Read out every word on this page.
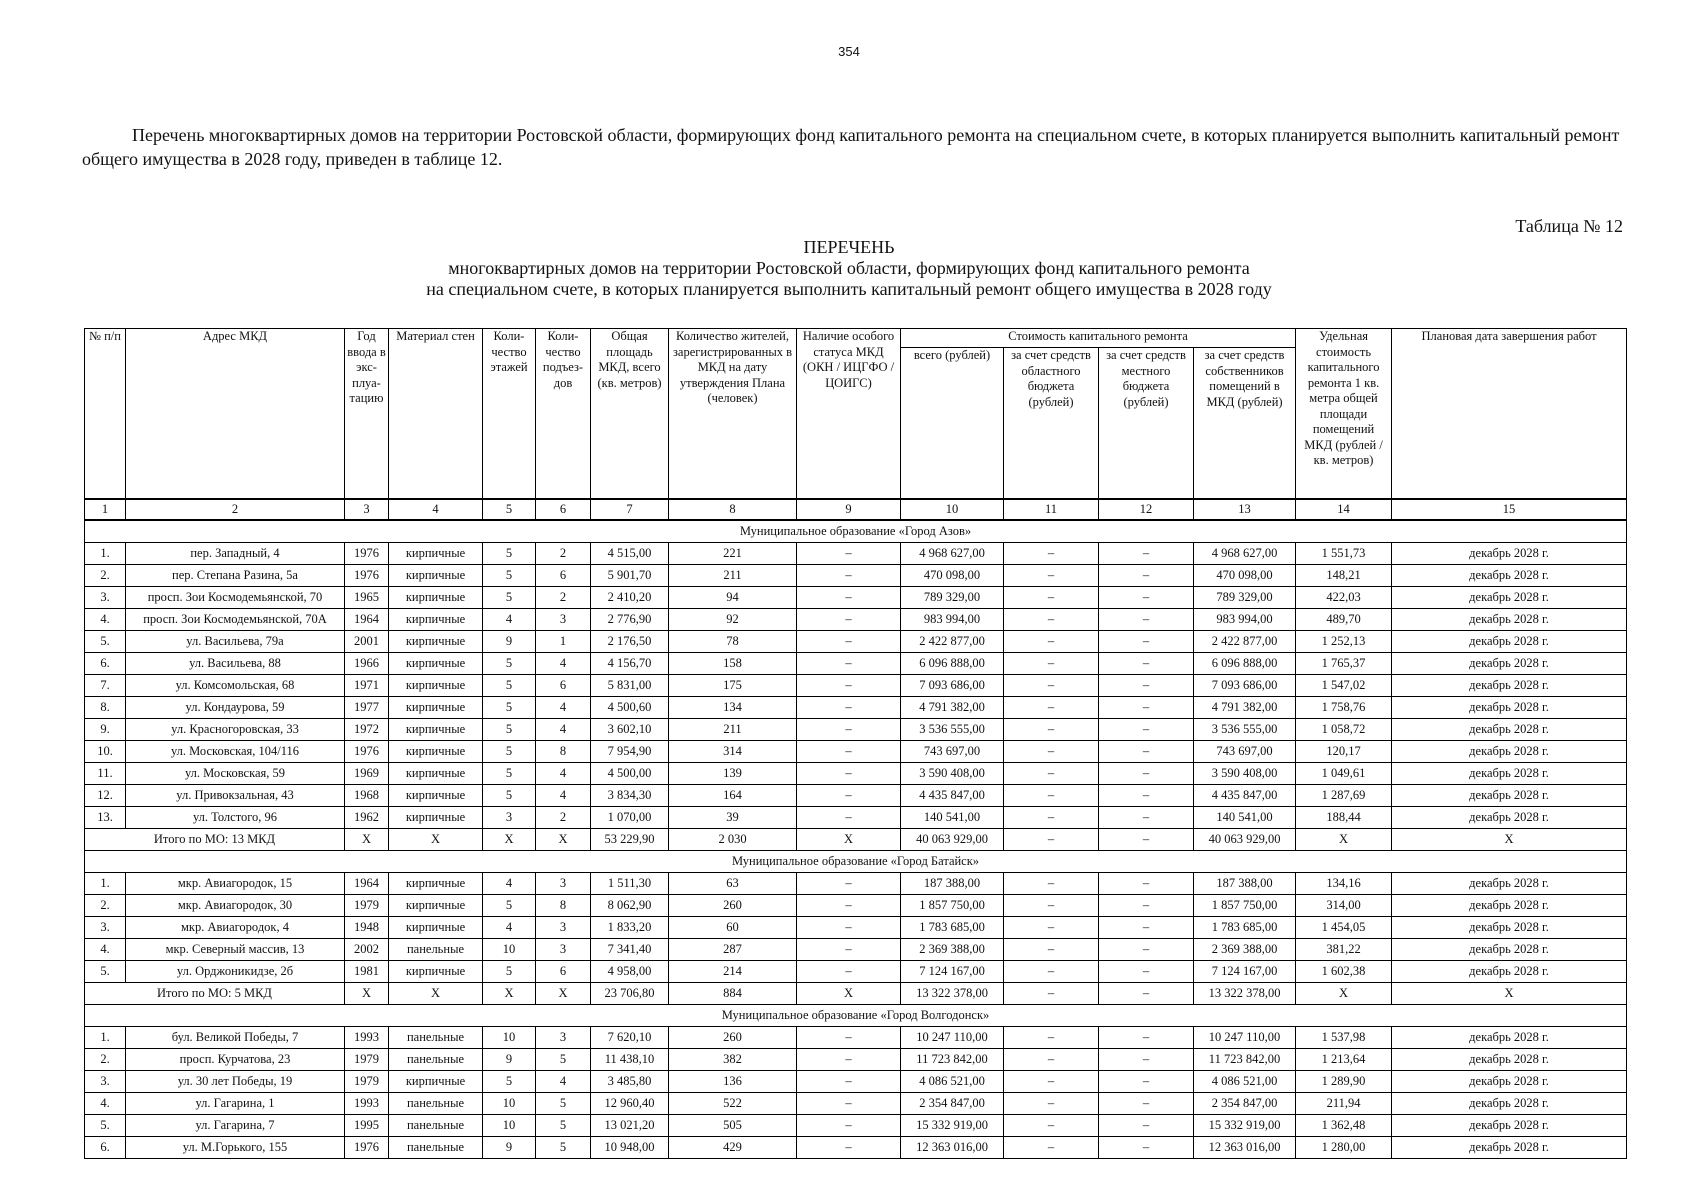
354

Перечень многоквартирных домов на территории Ростовской области, формирующих фонд капитального ремонта на специальном счете, в которых планируется выполнить капитальный ремонт общего имущества в 2028 году, приведен в таблице 12.

Таблица № 12

ПЕРЕЧЕНЬ
многоквартирных домов на территории Ростовской области, формирующих фонд капитального ремонта
на специальном счете, в которых планируется выполнить капитальный ремонт общего имущества в 2028 году
№ п/п	Адрес МКД	Год ввода в экс-плуа-тацию	Материал стен	Коли-чество этажей	Коли-чество подъез-дов	Общая площадь МКД, всего (кв. метров)	Количество жителей, зарегистрированных в МКД на дату утверждения Плана (человек)	Наличие особого статуса МКД (ОКН / ИЦГФО / ЦОИГС)	Стоимость капитального ремонта				Удельная стоимость капитального ремонта 1 кв. метра общей площади помещений МКД (рублей / кв. метров)	Плановая дата завершения работ
									всего (рублей)	за счет средств областного бюджета (рублей)	за счет средств местного бюджета (рублей)	за счет средств собственников помещений в МКД (рублей)		
1	2	3	4	5	6	7	8	9	10	11	12	13	14	15
Муниципальное образование «Город Азов»														
1.	пер. Западный, 4	1976	кирпичные	5	2	4 515,00	221	–	4 968 627,00	–	–	4 968 627,00	1 551,73	декабрь 2028 г.
2.	пер. Степана Разина, 5а	1976	кирпичные	5	6	5 901,70	211	–	470 098,00	–	–	470 098,00	148,21	декабрь 2028 г.
3.	просп. Зои Космодемьянской, 70	1965	кирпичные	5	2	2 410,20	94	–	789 329,00	–	–	789 329,00	422,03	декабрь 2028 г.
4.	просп. Зои Космодемьянской, 70А	1964	кирпичные	4	3	2 776,90	92	–	983 994,00	–	–	983 994,00	489,70	декабрь 2028 г.
5.	ул. Васильева, 79а	2001	кирпичные	9	1	2 176,50	78	–	2 422 877,00	–	–	2 422 877,00	1 252,13	декабрь 2028 г.
6.	ул. Васильева, 88	1966	кирпичные	5	4	4 156,70	158	–	6 096 888,00	–	–	6 096 888,00	1 765,37	декабрь 2028 г.
7.	ул. Комсомольская, 68	1971	кирпичные	5	6	5 831,00	175	–	7 093 686,00	–	–	7 093 686,00	1 547,02	декабрь 2028 г.
8.	ул. Кондаурова, 59	1977	кирпичные	5	4	4 500,60	134	–	4 791 382,00	–	–	4 791 382,00	1 758,76	декабрь 2028 г.
9.	ул. Красногоровская, 33	1972	кирпичные	5	4	3 602,10	211	–	3 536 555,00	–	–	3 536 555,00	1 058,72	декабрь 2028 г.
10.	ул. Московская, 104/116	1976	кирпичные	5	8	7 954,90	314	–	743 697,00	–	–	743 697,00	120,17	декабрь 2028 г.
11.	ул. Московская, 59	1969	кирпичные	5	4	4 500,00	139	–	3 590 408,00	–	–	3 590 408,00	1 049,61	декабрь 2028 г.
12.	ул. Привокзальная, 43	1968	кирпичные	5	4	3 834,30	164	–	4 435 847,00	–	–	4 435 847,00	1 287,69	декабрь 2028 г.
13.	ул. Толстого, 96	1962	кирпичные	3	2	1 070,00	39	–	140 541,00	–	–	140 541,00	188,44	декабрь 2028 г.
Итого по МО: 13 МКД		X	X	X	X	53 229,90	2 030	X	40 063 929,00	–	–	40 063 929,00	X	X
Муниципальное образование «Город Батайск»														
1.	мкр. Авиагородок, 15	1964	кирпичные	4	3	1 511,30	63	–	187 388,00	–	–	187 388,00	134,16	декабрь 2028 г.
2.	мкр. Авиагородок, 30	1979	кирпичные	5	8	8 062,90	260	–	1 857 750,00	–	–	1 857 750,00	314,00	декабрь 2028 г.
3.	мкр. Авиагородок, 4	1948	кирпичные	4	3	1 833,20	60	–	1 783 685,00	–	–	1 783 685,00	1 454,05	декабрь 2028 г.
4.	мкр. Северный массив, 13	2002	панельные	10	3	7 341,40	287	–	2 369 388,00	–	–	2 369 388,00	381,22	декабрь 2028 г.
5.	ул. Орджоникидзе, 2б	1981	кирпичные	5	6	4 958,00	214	–	7 124 167,00	–	–	7 124 167,00	1 602,38	декабрь 2028 г.
Итого по МО: 5 МКД		X	X	X	X	23 706,80	884	X	13 322 378,00	–	–	13 322 378,00	X	X
Муниципальное образование «Город Волгодонск»														
1.	бул. Великой Победы, 7	1993	панельные	10	3	7 620,10	260	–	10 247 110,00	–	–	10 247 110,00	1 537,98	декабрь 2028 г.
2.	просп. Курчатова, 23	1979	панельные	9	5	11 438,10	382	–	11 723 842,00	–	–	11 723 842,00	1 213,64	декабрь 2028 г.
3.	ул. 30 лет Победы, 19	1979	кирпичные	5	4	3 485,80	136	–	4 086 521,00	–	–	4 086 521,00	1 289,90	декабрь 2028 г.
4.	ул. Гагарина, 1	1993	панельные	10	5	12 960,40	522	–	2 354 847,00	–	–	2 354 847,00	211,94	декабрь 2028 г.
5.	ул. Гагарина, 7	1995	панельные	10	5	13 021,20	505	–	15 332 919,00	–	–	15 332 919,00	1 362,48	декабрь 2028 г.
6.	ул. М.Горького, 155	1976	панельные	9	5	10 948,00	429	–	12 363 016,00	–	–	12 363 016,00	1 280,00	декабрь 2028 г.
